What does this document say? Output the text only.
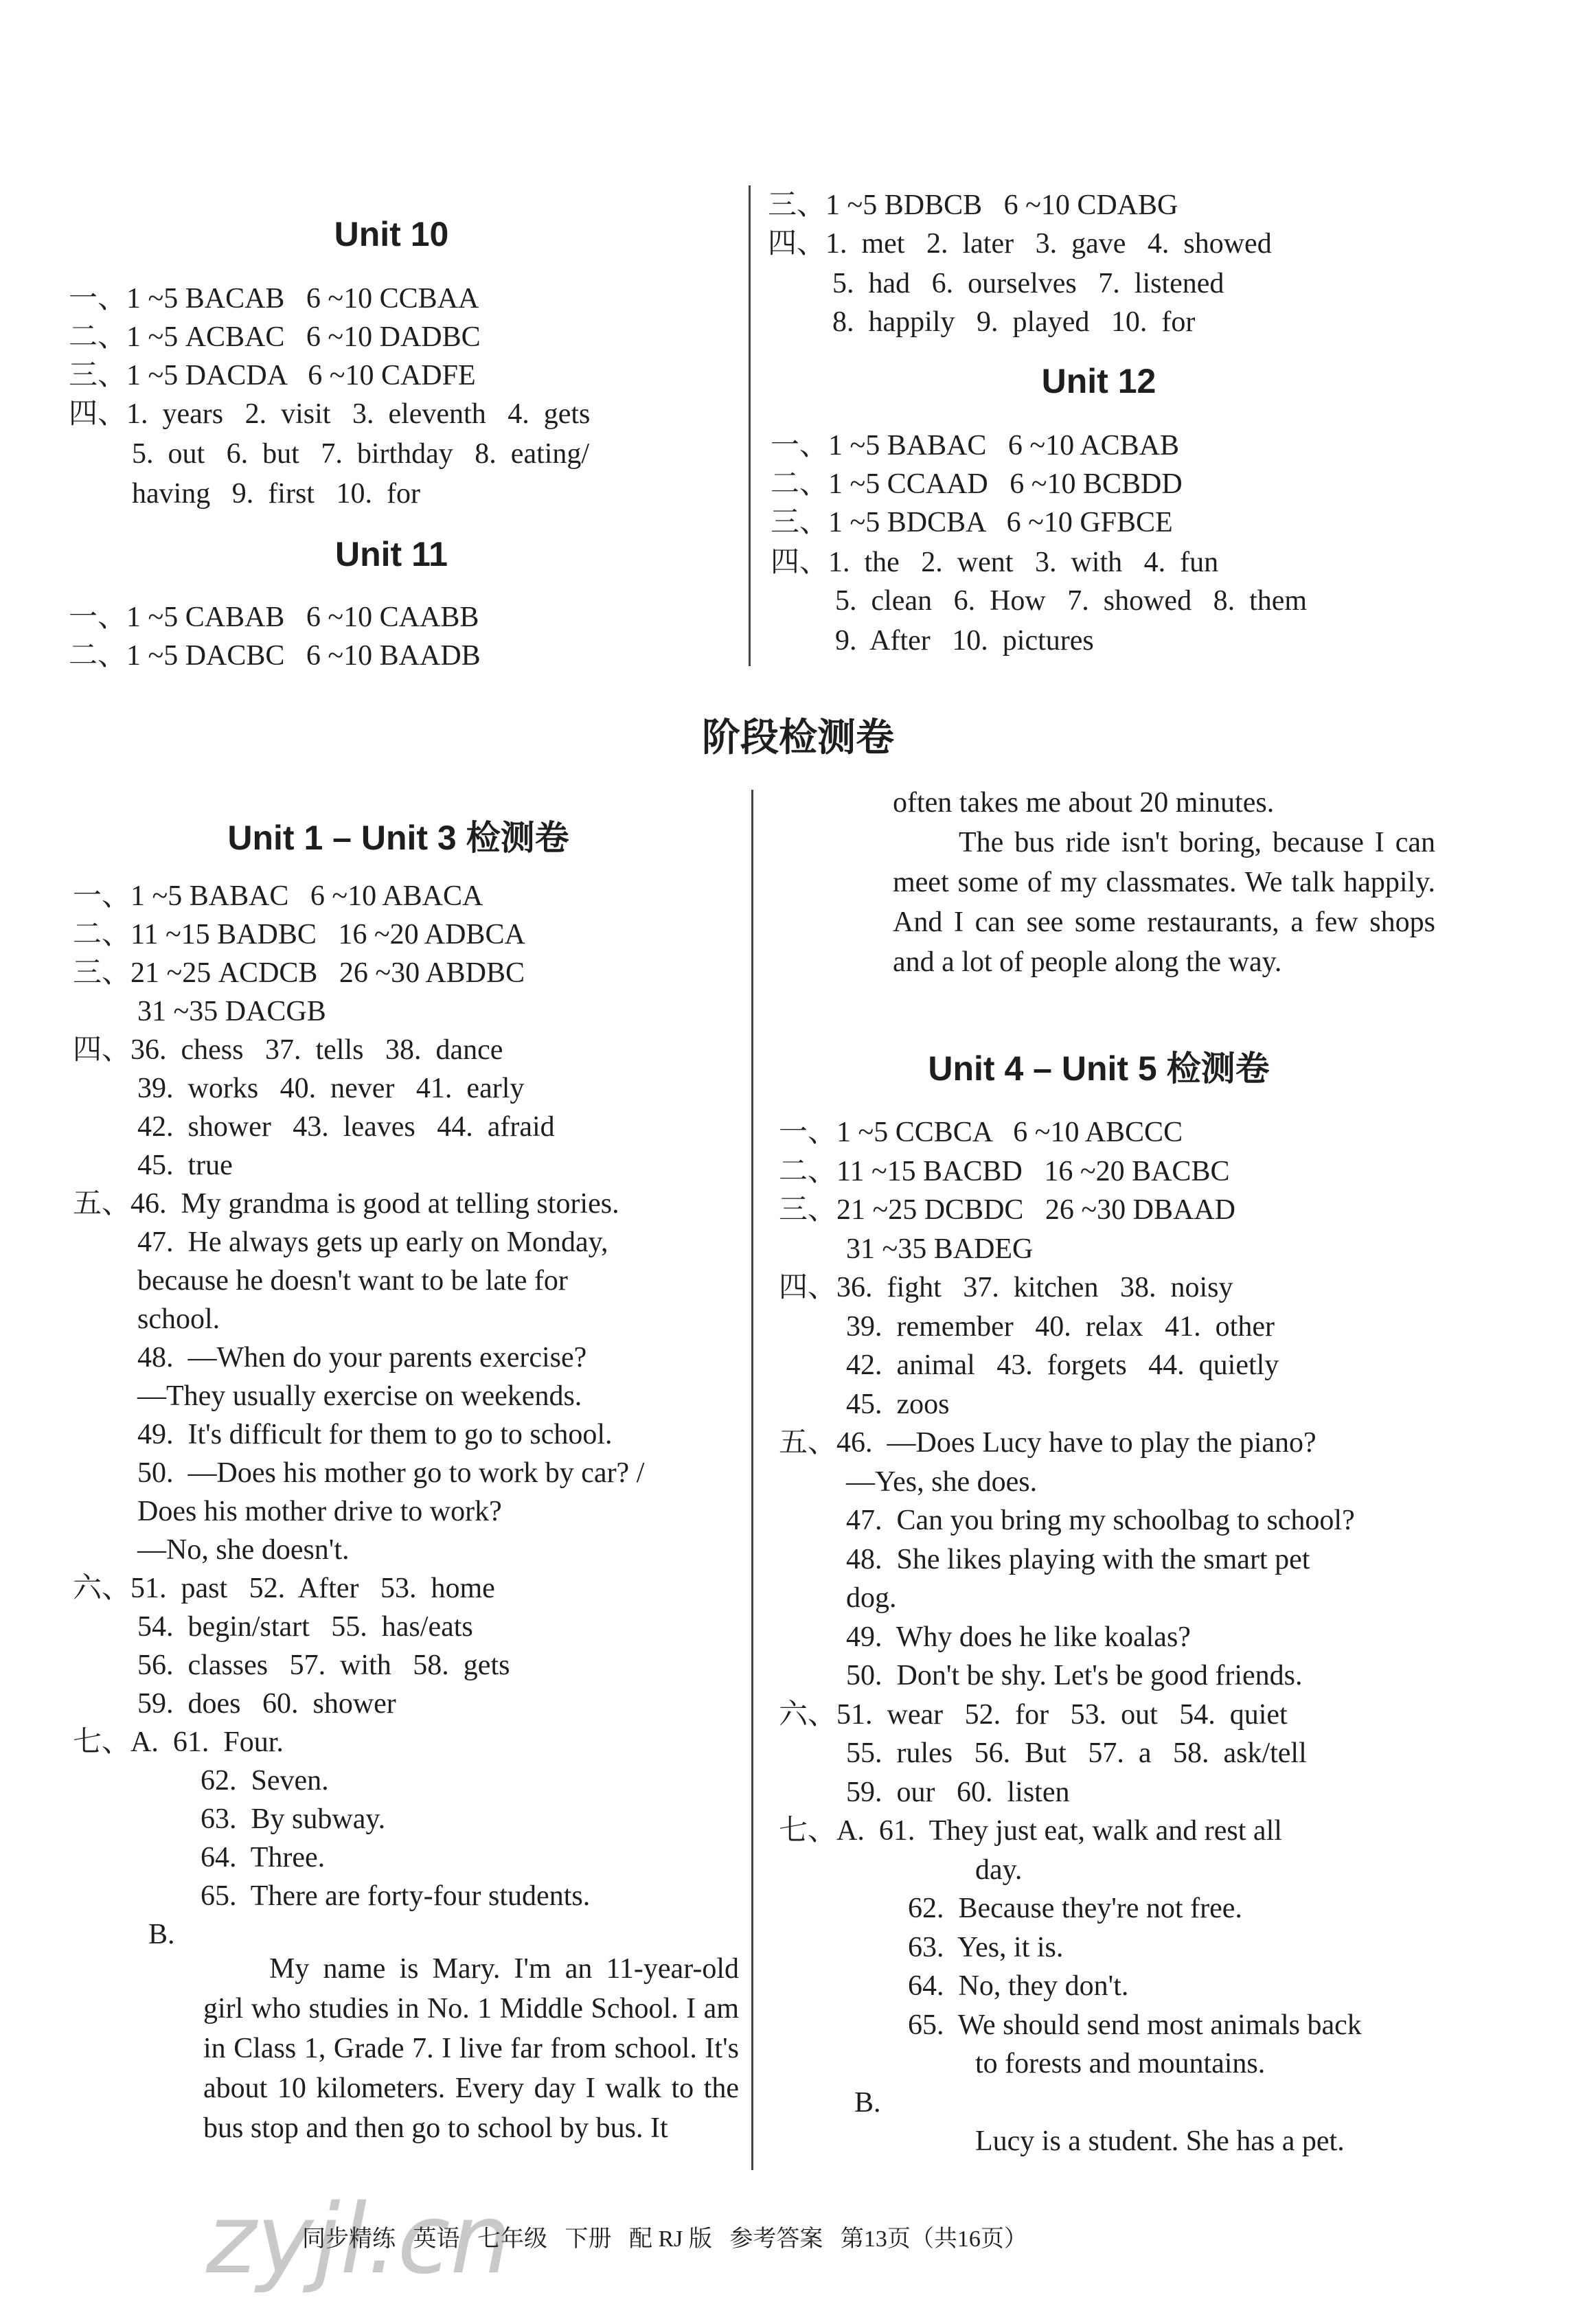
Unit 10
一、1 ~5 BACAB   6 ~10 CCBAA
二、1 ~5 ACBAC   6 ~10 DADBC
三、1 ~5 DACDA   6 ~10 CADFE
四、1.  years   2.  visit   3.  eleventh   4.  gets
5.  out   6.  but   7.  birthday   8.  eating/
having   9.  first   10.  for
Unit 11
一、1 ~5 CABAB   6 ~10 CAABB
二、1 ~5 DACBC   6 ~10 BAADB
三、1 ~5 BDBCB   6 ~10 CDABG
四、1.  met   2.  later   3.  gave   4.  showed
5.  had   6.  ourselves   7.  listened
8.  happily   9.  played   10.  for
Unit 12
一、1 ~5 BABAC   6 ~10 ACBAB
二、1 ~5 CCAAD   6 ~10 BCBDD
三、1 ~5 BDCBA   6 ~10 GFBCE
四、1.  the   2.  went   3.  with   4.  fun
5.  clean   6.  How   7.  showed   8.  them
9.  After   10.  pictures
阶段检测卷
Unit 1 – Unit 3 检测卷
一、1 ~5 BABAC   6 ~10 ABACA
二、11 ~15 BADBC   16 ~20 ADBCA
三、21 ~25 ACDCB   26 ~30 ABDBC
31 ~35 DACGB
四、36.  chess   37.  tells   38.  dance
39.  works   40.  never   41.  early
42.  shower   43.  leaves   44.  afraid
45.  true
五、46.  My grandma is good at telling stories.
47.  He always gets up early on Monday,
because he doesn't want to be late for
school.
48.  —When do your parents exercise?
—They usually exercise on weekends.
49.  It's difficult for them to go to school.
50.  —Does his mother go to work by car? /
Does his mother drive to work?
—No, she doesn't.
六、51.  past   52.  After   53.  home
54.  begin/start   55.  has/eats
56.  classes   57.  with   58.  gets
59.  does   60.  shower
七、A.  61.  Four.
62.  Seven.
63.  By subway.
64.  Three.
65.  There are forty-four students.
B.
My name is Mary. I'm an 11-year-old girl who studies in No. 1 Middle School. I am in Class 1, Grade 7. I live far from school. It's about 10 kilometers. Every day I walk to the bus stop and then go to school by bus. It
often takes me about 20 minutes.
The bus ride isn't boring, because I can meet some of my classmates. We talk happily. And I can see some restaurants, a few shops and a lot of people along the way.
Unit 4 – Unit 5 检测卷
一、1 ~5 CCBCA   6 ~10 ABCCC
二、11 ~15 BACBD   16 ~20 BACBC
三、21 ~25 DCBDC   26 ~30 DBAAD
31 ~35 BADEG
四、36.  fight   37.  kitchen   38.  noisy
39.  remember   40.  relax   41.  other
42.  animal   43.  forgets   44.  quietly
45.  zoos
五、46.  —Does Lucy have to play the piano?
—Yes, she does.
47.  Can you bring my schoolbag to school?
48.  She likes playing with the smart pet
dog.
49.  Why does he like koalas?
50.  Don't be shy. Let's be good friends.
六、51.  wear   52.  for   53.  out   54.  quiet
55.  rules   56.  But   57.  a   58.  ask/tell
59.  our   60.  listen
七、A.  61.  They just eat, walk and rest all
day.
62.  Because they're not free.
63.  Yes, it is.
64.  No, they don't.
65.  We should send most animals back
to forests and mountains.
B.
Lucy is a student. She has a pet.
同步精练   英语   七年级   下册   配 RJ 版   参考答案   第13页（共16页）
zyjl.cn
